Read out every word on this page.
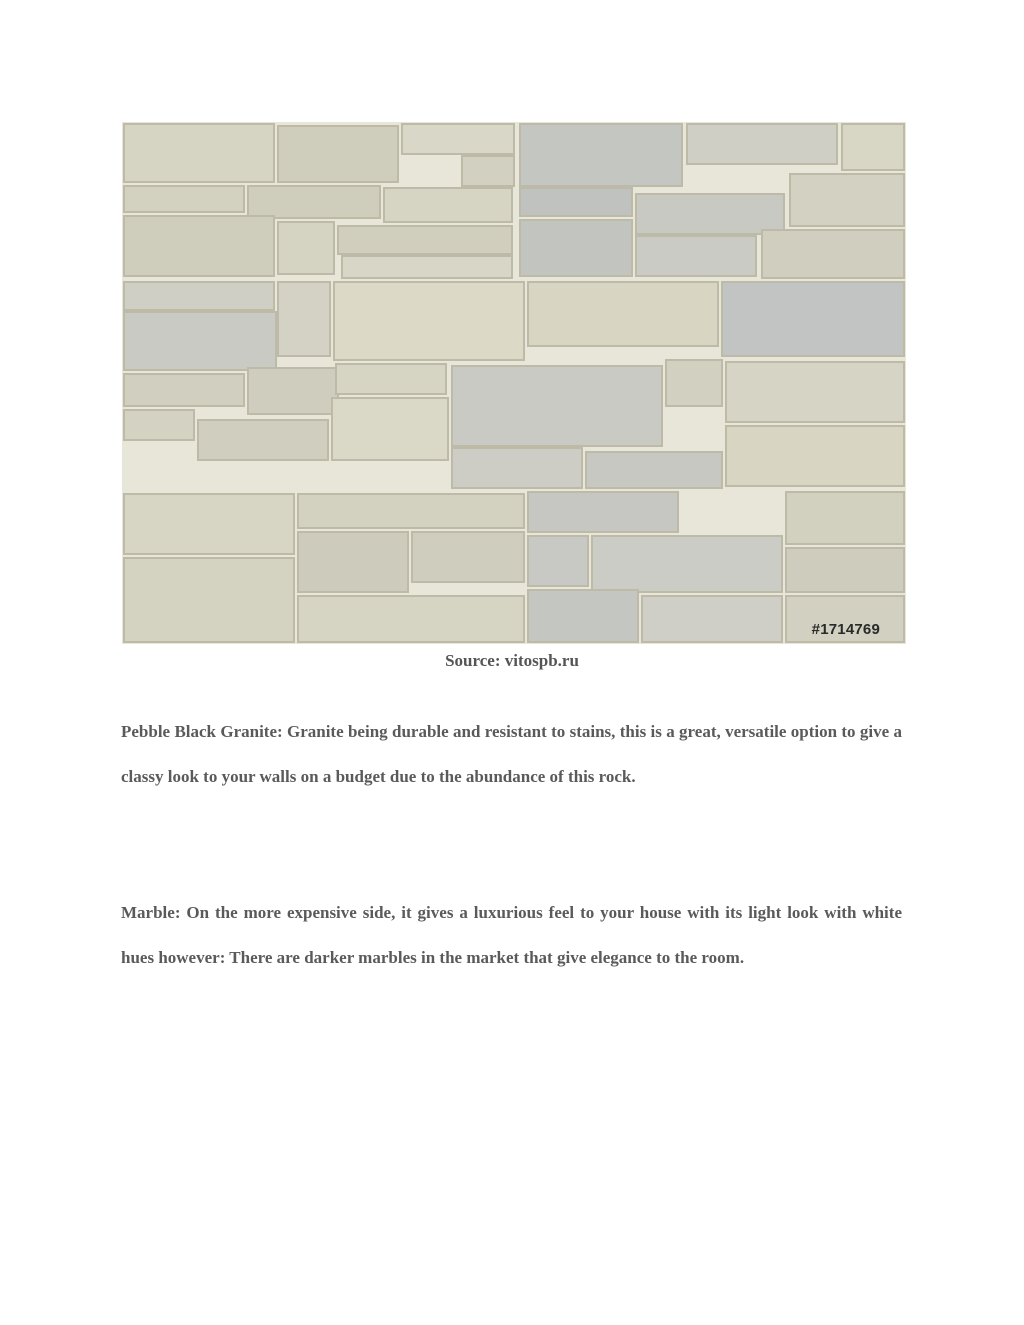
#1714769
Source: vitospb.ru

Pebble Black Granite: Granite being durable and resistant to stains, this is a great, versatile option to give a classy look to your walls on a budget due to the abundance of this rock.

Marble: On the more expensive side, it gives a luxurious feel to your house with its light look with white hues however: There are darker marbles in the market that give elegance to the room.
